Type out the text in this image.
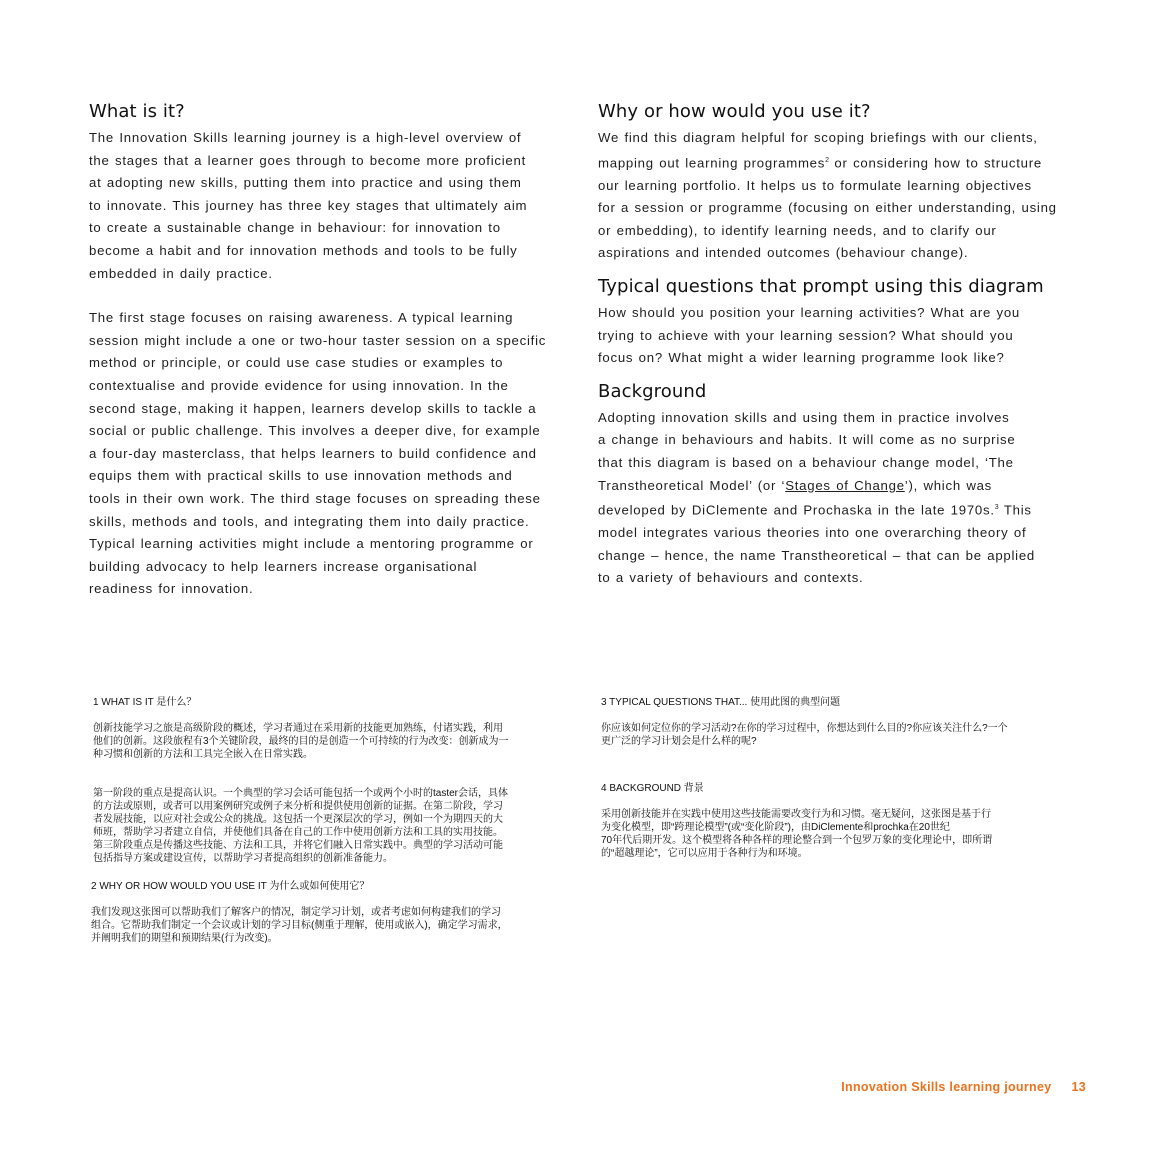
What is it?

The Innovation Skills learning journey is a high-level overview of
the stages that a learner goes through to become more proficient
at adopting new skills, putting them into practice and using them
to innovate. This journey has three key stages that ultimately aim
to create a sustainable change in behaviour: for innovation to
become a habit and for innovation methods and tools to be fully
embedded in daily practice.

The first stage focuses on raising awareness. A typical learning
session might include a one or two-hour taster session on a specific
method or principle, or could use case studies or examples to
contextualise and provide evidence for using innovation. In the
second stage, making it happen, learners develop skills to tackle a
social or public challenge. This involves a deeper dive, for example
a four-day masterclass, that helps learners to build confidence and
equips them with practical skills to use innovation methods and
tools in their own work. The third stage focuses on spreading these
skills, methods and tools, and integrating them into daily practice.
Typical learning activities might include a mentoring programme or
building advocacy to help learners increase organisational
readiness for innovation.

Why or how would you use it?

We find this diagram helpful for scoping briefings with our clients,
mapping out learning programmes$^2$ or considering how to structure
our learning portfolio. It helps us to formulate learning objectives
for a session or programme (focusing on either understanding, using
or embedding), to identify learning needs, and to clarify our
aspirations and intended outcomes (behaviour change).

Typical questions that prompt using this diagram

How should you position your learning activities? What are you
trying to achieve with your learning session? What should you
focus on? What might a wider learning programme look like?

Background

Adopting innovation skills and using them in practice involves
a change in behaviours and habits. It will come as no surprise
that this diagram is based on a behaviour change model, ‘The
Transtheoretical Model’ (or ‘Stages of Change’), which was
developed by DiClemente and Prochaska in the late 1970s.$^3$ This
model integrates various theories into one overarching theory of
change – hence, the name Transtheoretical – that can be applied
to a variety of behaviours and contexts.

1 WHAT IS IT 是什么？

创新技能学习之旅是高级阶段的概述，学习者通过在采用新的技能更加熟练，付诸实践，利用
他们的创新。这段旅程有3个关键阶段，最终的目的是创造一个可持续的行为改变：创新成为一
种习惯和创新的方法和工具完全嵌入在日常实践。

第一阶段的重点是提高认识。一个典型的学习会话可能包括一个或两个小时的taster会话，具体
的方法或原则，或者可以用案例研究或例子来分析和提供使用创新的证据。在第二阶段，学习
者发展技能，以应对社会或公众的挑战。这包括一个更深层次的学习，例如一个为期四天的大
师班，帮助学习者建立自信，并使他们具备在自己的工作中使用创新方法和工具的实用技能。
第三阶段重点是传播这些技能、方法和工具，并将它们融入日常实践中。典型的学习活动可能
包括指导方案或建设宣传，以帮助学习者提高组织的创新准备能力。

2 WHY OR HOW WOULD YOU USE IT 为什么或如何使用它？

我们发现这张图可以帮助我们了解客户的情况，制定学习计划，或者考虑如何构建我们的学习
组合。它帮助我们制定一个会议或计划的学习目标(侧重于理解，使用或嵌入)，确定学习需求，
并阐明我们的期望和预期结果(行为改变)。

3 TYPICAL QUESTIONS THAT... 使用此图的典型问题

你应该如何定位你的学习活动?在你的学习过程中，你想达到什么目的?你应该关注什么?一个
更广泛的学习计划会是什么样的呢?

4 BACKGROUND 背景

采用创新技能并在实践中使用这些技能需要改变行为和习惯。毫无疑问，这张图是基于行
为变化模型，即“跨理论模型”(或“变化阶段”)，由DiClemente和prochka在20世纪
70年代后期开发。这个模型将各种各样的理论整合到一个包罗万象的变化理论中，即所谓
的“超越理论”，它可以应用于各种行为和环境。

Innovation Skills learning journey 13
